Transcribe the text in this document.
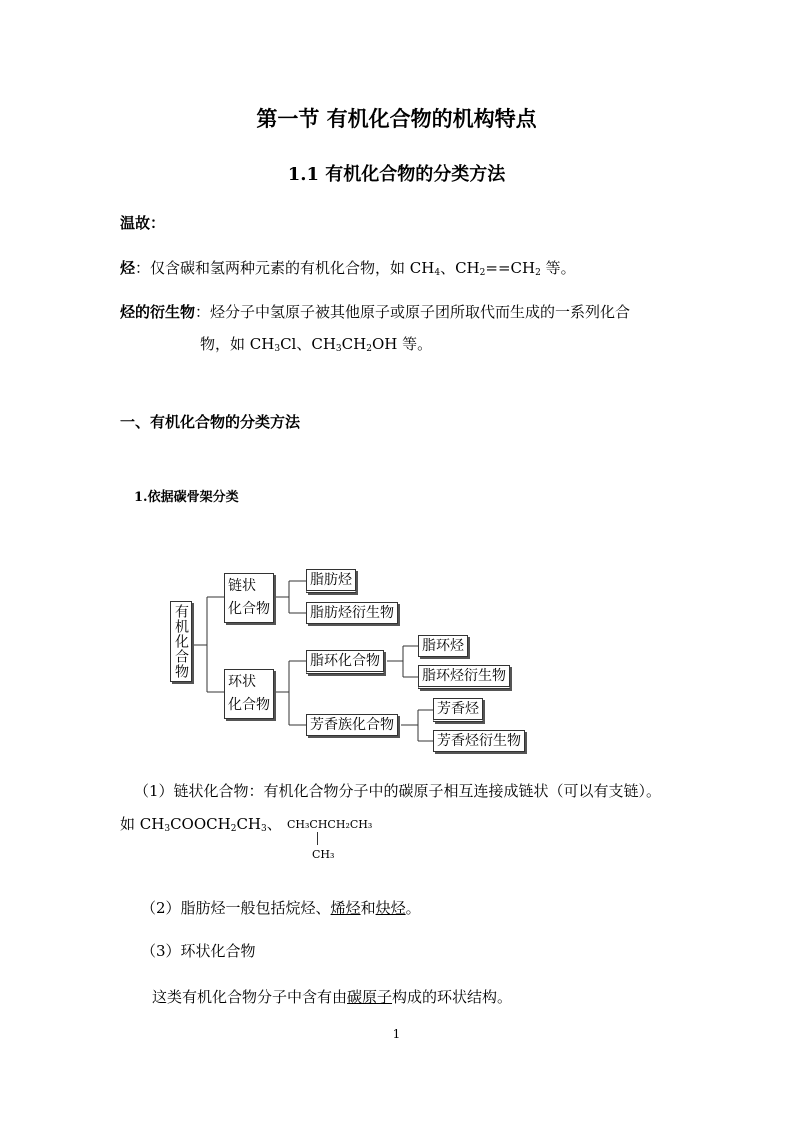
第一节 有机化合物的机构特点
1.1 有机化合物的分类方法
温故：
烃：仅含碳和氢两种元素的有机化合物，如 $CH_4$、$CH_2==CH_2$ 等。
烃的衍生物：烃分子中氢原子被其他原子或原子团所取代而生成的一系列化合
物，如 $CH_3Cl$、$CH_3CH_2OH$ 等。
一、有机化合物的分类方法
1.依据碳骨架分类
有机化合物
链状
化合物
环状
化合物
脂肪烃
脂肪烃衍生物
脂环化合物
芳香族化合物
脂环烃
脂环烃衍生物
芳香烃
芳香烃衍生物
（1）链状化合物：有机化合物分子中的碳原子相互连接成链状（可以有支链）。
如 $CH_3COOCH_2CH_3$、 CH₃CHCH₂CH₃
CH₃
（2）脂肪烃一般包括烷烃、烯烃和炔烃。
（3）环状化合物
这类有机化合物分子中含有由碳原子构成的环状结构。
1
